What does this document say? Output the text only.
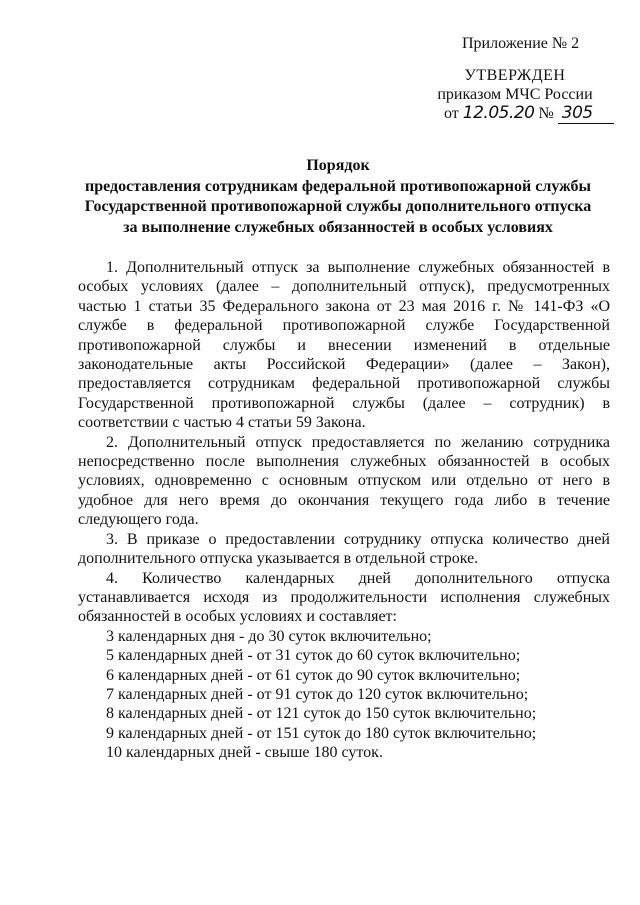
Приложение № 2
УТВЕРЖДЕН
приказом МЧС России
от 12.05.20 № 305
Порядок
предоставления сотрудникам федеральной противопожарной службы Государственной противопожарной службы дополнительного отпуска за выполнение служебных обязанностей в особых условиях

1. Дополнительный отпуск за выполнение служебных обязанностей в особых условиях (далее – дополнительный отпуск), предусмотренных частью 1 статьи 35 Федерального закона от 23 мая 2016 г. № 141-ФЗ «О службе в федеральной противопожарной службе Государственной противопожарной службы и внесении изменений в отдельные законодательные акты Российской Федерации» (далее – Закон), предоставляется сотрудникам федеральной противопожарной службы Государственной противопожарной службы (далее – сотрудник) в соответствии с частью 4 статьи 59 Закона.

2. Дополнительный отпуск предоставляется по желанию сотрудника непосредственно после выполнения служебных обязанностей в особых условиях, одновременно с основным отпуском или отдельно от него в удобное для него время до окончания текущего года либо в течение следующего года.

3. В приказе о предоставлении сотруднику отпуска количество дней дополнительного отпуска указывается в отдельной строке.

4. Количество календарных дней дополнительного отпуска устанавливается исходя из продолжительности исполнения служебных обязанностей в особых условиях и составляет:

3 календарных дня - до 30 суток включительно;
5 календарных дней - от 31 суток до 60 суток включительно;
6 календарных дней - от 61 суток до 90 суток включительно;
7 календарных дней - от 91 суток до 120 суток включительно;
8 календарных дней - от 121 суток до 150 суток включительно;
9 календарных дней - от 151 суток до 180 суток включительно;
10 календарных дней - свыше 180 суток.
